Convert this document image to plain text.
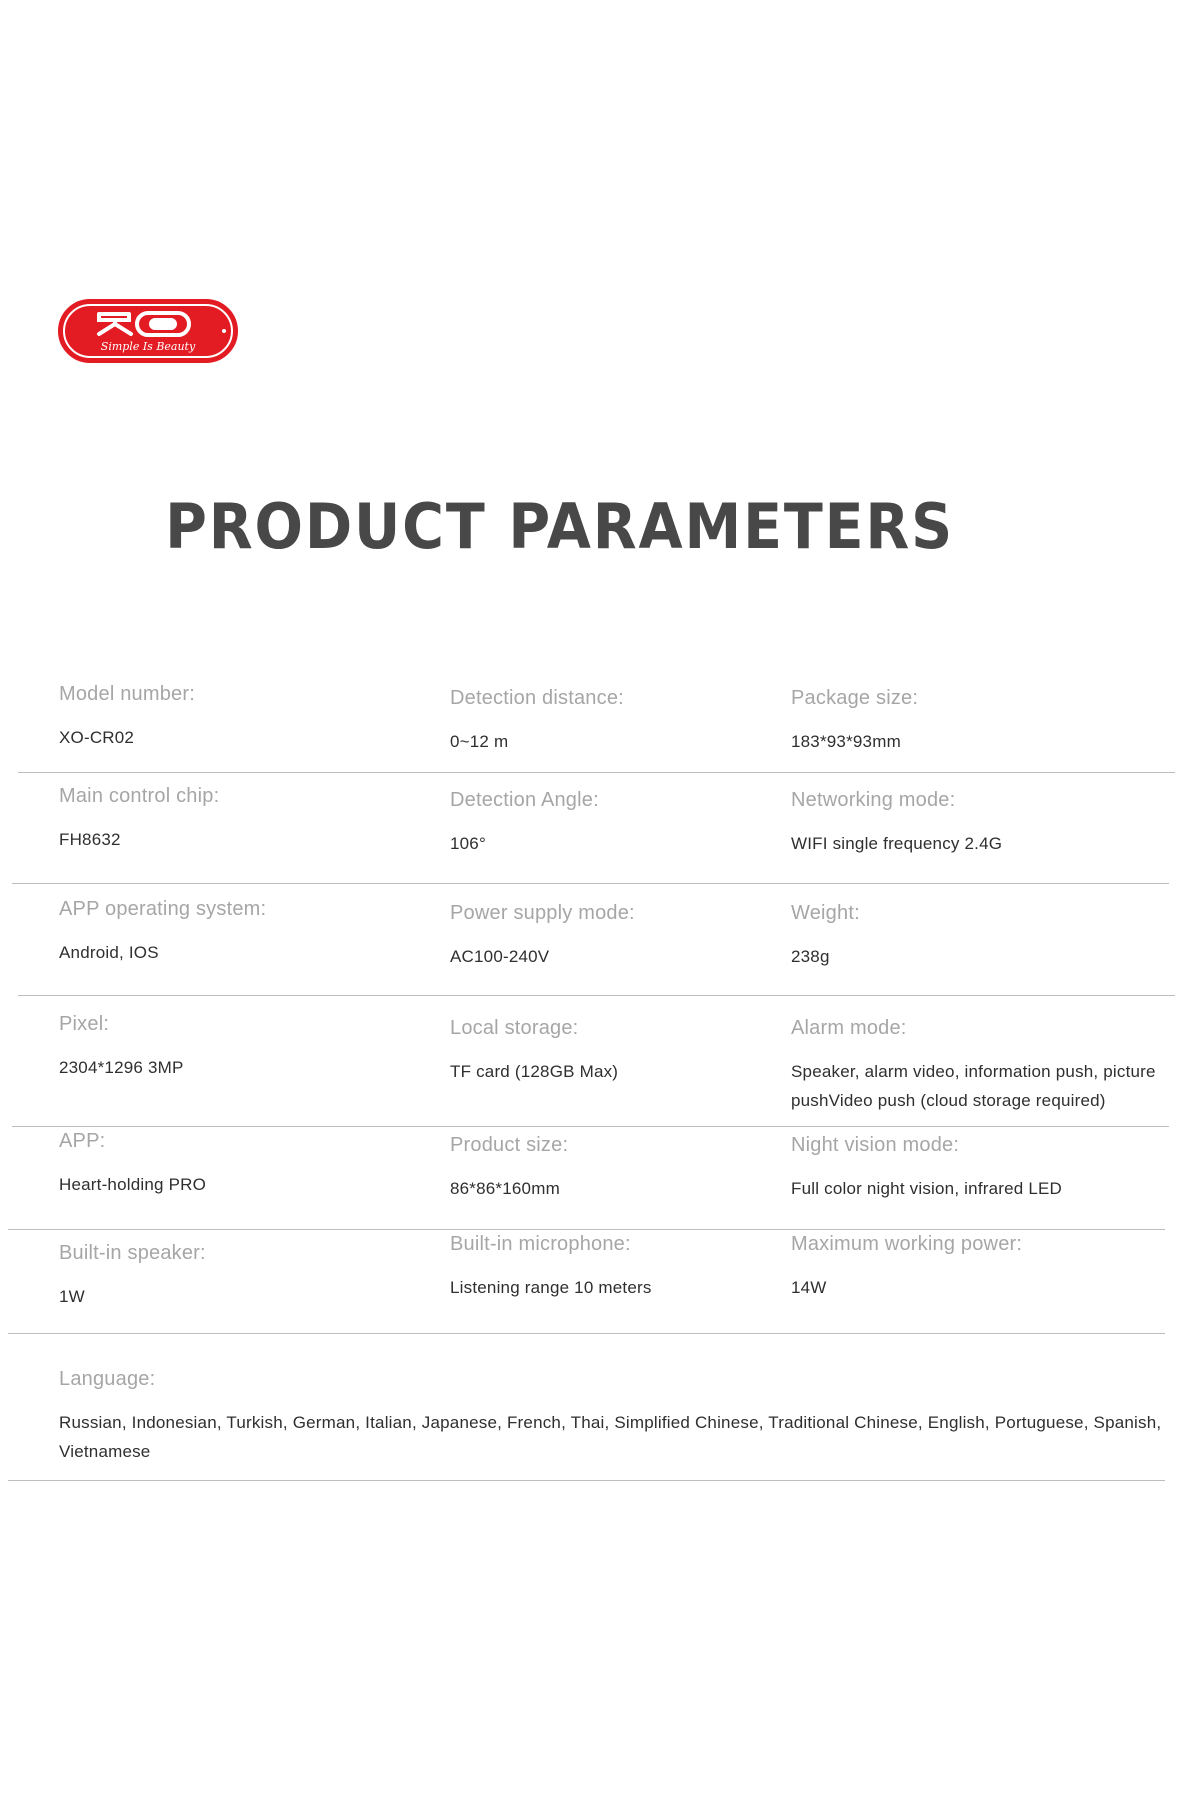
Simple Is Beauty
PRODUCT PARAMETERS
Model number:
XO-CR02
Detection distance:
0~12 m
Package size:
183*93*93mm
Main control chip:
FH8632
Detection Angle:
106°
Networking mode:
WIFI single frequency 2.4G
APP operating system:
Android, IOS
Power supply mode:
AC100-240V
Weight:
238g
Pixel:
2304*1296 3MP
Local storage:
TF card (128GB Max)
Alarm mode:
Speaker, alarm video, information push, picture pushVideo push (cloud storage required)
APP:
Heart-holding PRO
Product size:
86*86*160mm
Night vision mode:
Full color night vision, infrared LED
Built-in speaker:
1W
Built-in microphone:
Listening range 10 meters
Maximum working power:
14W
Language:
Russian, Indonesian, Turkish, German, Italian, Japanese, French, Thai, Simplified Chinese, Traditional Chinese, English, Portuguese, Spanish, Vietnamese
